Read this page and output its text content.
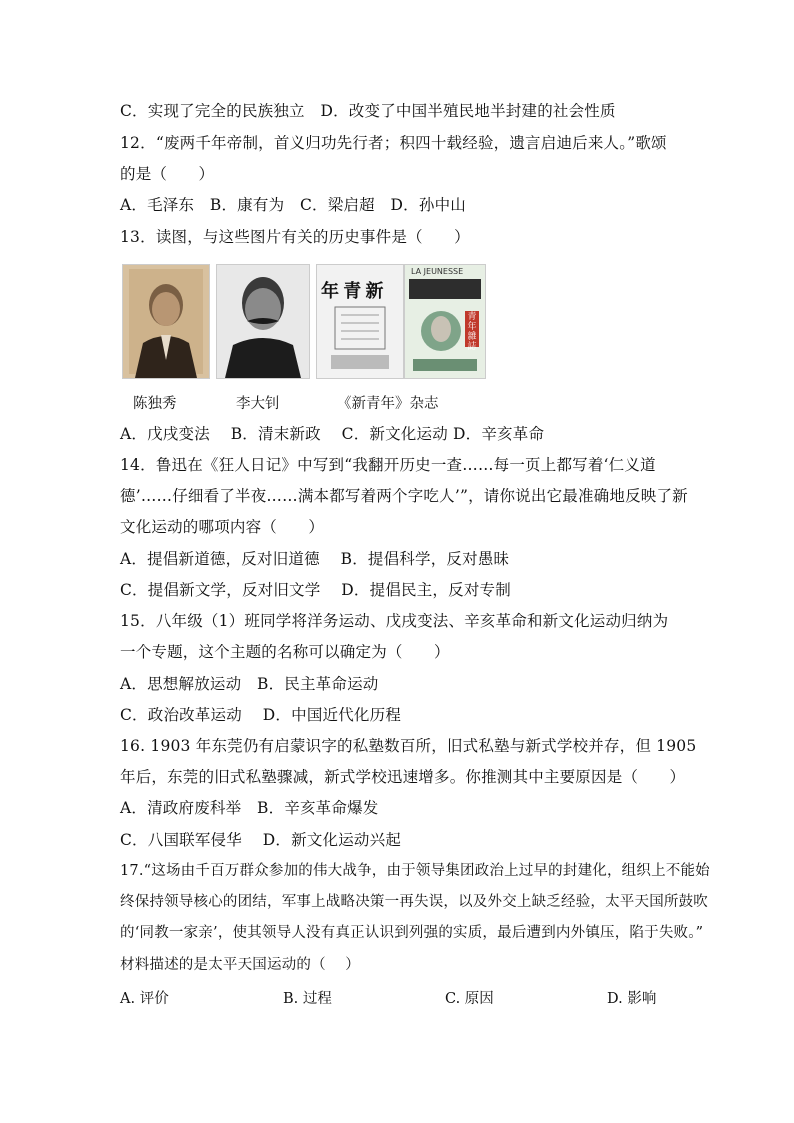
C．实现了完全的民族独立　D．改变了中国半殖民地半封建的社会性质
12．“废两千年帝制，首义归功先行者；积四十载经验，遗言启迪后来人。”歌颂
的是（　　）
A．毛泽东　B．康有为　C．梁启超　D．孙中山
13．读图，与这些图片有关的历史事件是（　　）
年 青 新
LA JEUNESSE
青年雜誌
陈独秀	李大钊	《新青年》杂志
A．戊戌变法　 B．清末新政　 C．新文化运动 D．辛亥革命
14．鲁迅在《狂人日记》中写到“我翻开历史一查……每一页上都写着‘仁义道
德’……仔细看了半夜……满本都写着两个字吃人’”，请你说出它最准确地反映了新
文化运动的哪项内容（　　）
A．提倡新道德，反对旧道德　 B．提倡科学，反对愚昧
C．提倡新文学，反对旧文学　 D．提倡民主，反对专制
15．八年级（1）班同学将洋务运动、戊戌变法、辛亥革命和新文化运动归纳为
一个专题，这个主题的名称可以确定为（　　）
A．思想解放运动　B．民主革命运动
C．政治改革运动　 D．中国近代化历程
16. 1903 年东莞仍有启蒙识字的私塾数百所，旧式私塾与新式学校并存，但 1905
年后，东莞的旧式私塾骤减，新式学校迅速增多。你推测其中主要原因是（　　）
A．清政府废科举　B．辛亥革命爆发
C．八国联军侵华　 D．新文化运动兴起
17.“这场由千百万群众参加的伟大战争，由于领导集团政治上过早的封建化，组织上不能始
终保持领导核心的团结，军事上战略决策一再失误，以及外交上缺乏经验，太平天国所鼓吹
的‘同教一家亲’，使其领导人没有真正认识到列强的实质，最后遭到内外镇压，陷于失败。”
材料描述的是太平天国运动的（　 ）
A. 评价	B. 过程	C. 原因	D. 影响
